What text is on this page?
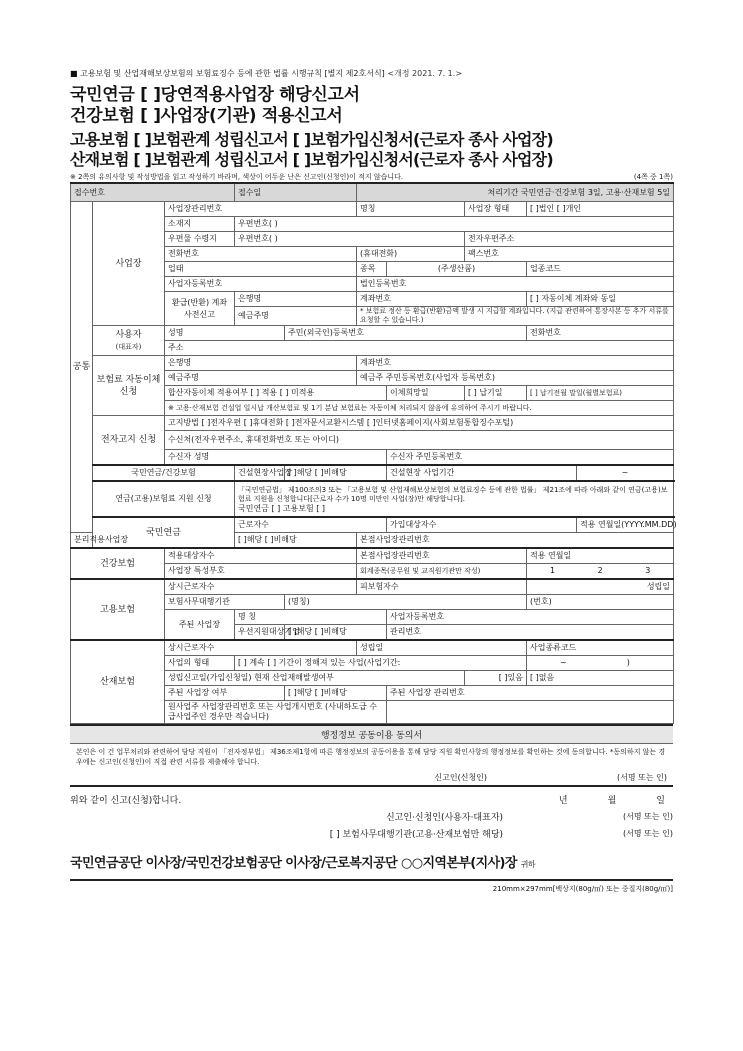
■ 고용보험 및 산업재해보상보험의 보험료징수 등에 관한 법률 시행규칙 [별지 제2호서식] <개정 2021. 7. 1.>
국민연금 [ ]당연적용사업장 해당신고서
건강보험 [ ]사업장(기관) 적용신고서
고용보험 [ ]보험관계 성립신고서 [ ]보험가입신청서(근로자 종사 사업장)
산재보험 [ ]보험관계 성립신고서 [ ]보험가입신청서(근로자 종사 사업장)
※ 2쪽의 유의사항 및 작성방법을 읽고 작성하기 바라며, 색상이 어두운 난은 신고인(신청인)이 적지 않습니다.	(4쪽 중 1쪽)
접수번호			접수일		처리기간 국민연금·건강보험 3일, 고용·산재보험 5일				
공통	사업장	사업장관리번호			명칭		사업장 형태	[ ]법인 [ ]개인	
		소재지	우편번호( )						
		우편물 수령지	우편번호( )				전자우편주소		
		전화번호			(휴대전화)		팩스번호		
		업태			종목	(주생산품)		업종코드	
		사업자등록번호			법인등록번호				
		환급(반환) 계좌 사전신고	은행명		계좌번호			[ ] 자동이체 계좌와 동일	
			예금주명		* 보험료 정산 등 환급(반환)금액 발생 시 지급할 계좌입니다. (지급 관련하여 통장사본 등 추가 서류를 요청할 수 있습니다.)				
	사용자
(대표자)	성명		주민(외국인)등록번호				전화번호	
		주소							
	보험료 자동이체신청	은행명			계좌번호				
		예금주명			예금주 주민등록번호(사업자 등록번호)				
		합산자동이체 적용여부 [ ] 적용 [ ] 미적용				이체희망일	[ ] 납기일	[ ] 납기전월 말일(월별보험료)	
		※ 고용·산재보험 건설업 일시납 개산보험료 및 1기 분납 보험료는 자동이체 처리되지 않음에 유의하여 주시기 바랍니다.							
	전자고지 신청	고지방법 [ ]전자우편 [ ]휴대전화 [ ]전자문서교환시스템 [ ]인터넷홈페이지(사회보험통합징수포털)							
		수신처(전자우편주소, 휴대전화번호 또는 아이디)							
		수신자 성명				수신자 주민등록번호			
	국민연금/건강보험		건설현장사업장	[ ]해당 [ ]비해당		건설현장 사업기간			~
	연금(고용)보험료 지원 신청		「국민연금법」 제100조의3 또는 「고용보험 및 산업재해보상보험의 보험료징수 등에 관한 법률」 제21조에 따라 아래와 같이 연금(고용)보험료 지원을 신청합니다[근로자 수가 10명 미만인 사업(장)만 해당합니다].
국민연금 [ ] 고용보험 [ ]						

	국민연금		근로자수			가입대상자수			적용 연월일(YYYY.MM.DD)
분리적용사업장			[ ]해당 [ ]비해당		본점사업장관리번호				
건강보험		적용대상자수			본점사업장관리번호			적용 연월일	
		사업장 특성부호			회계종목(공무원 및 교직원기관만 작성)			1 2 3	
고용보험		상시근로자수			피보험자수			성립일	
		보험사무대행기관		(명칭)				(번호)	
		주된 사업장	명 칭			사업자등록번호			
			우선지원대상기업	[ ]해당 [ ]비해당		관리번호			
산재보험		상시근로자수			성립일			사업종류코드	
		사업의 형태	[ ] 계속 [ ] 기간이 정해져 있는 사업(사업기간:					~ )	
		성립신고일(가입신청일) 현재 산업재해발생여부					[ ]있음	[ ]없음	
		주된 사업장 여부		[ ]해당 [ ]비해당		주된 사업장 관리번호			
		원사업주 사업장관리번호 또는 사업개시번호 (사내하도급 수급사업주인 경우만 적습니다)							
행정정보 공동이용 동의서
본인은 이 건 업무처리와 관련하여 담당 직원이 「전자정부법」 제36조제1항에 따른 행정정보의 공동이용을 통해 담당 직원 확인사항의 행정정보를 확인하는 것에 동의합니다. *동의하지 않는 경우에는 신고인(신청인)이 직접 관련 서류를 제출해야 합니다.
신고인(신청인)	(서명 또는 인)
위와 같이 신고(신청)합니다.	년	월	일
신고인·신청인(사용자·대표자)	(서명 또는 인)
[ ] 보험사무대행기관(고용·산재보험만 해당)	(서명 또는 인)
국민연금공단 이사장/국민건강보험공단 이사장/근로복지공단 ○○지역본부(지사)장 귀하
210mm×297mm[백상지(80g/㎡) 또는 중질지(80g/㎡)]
